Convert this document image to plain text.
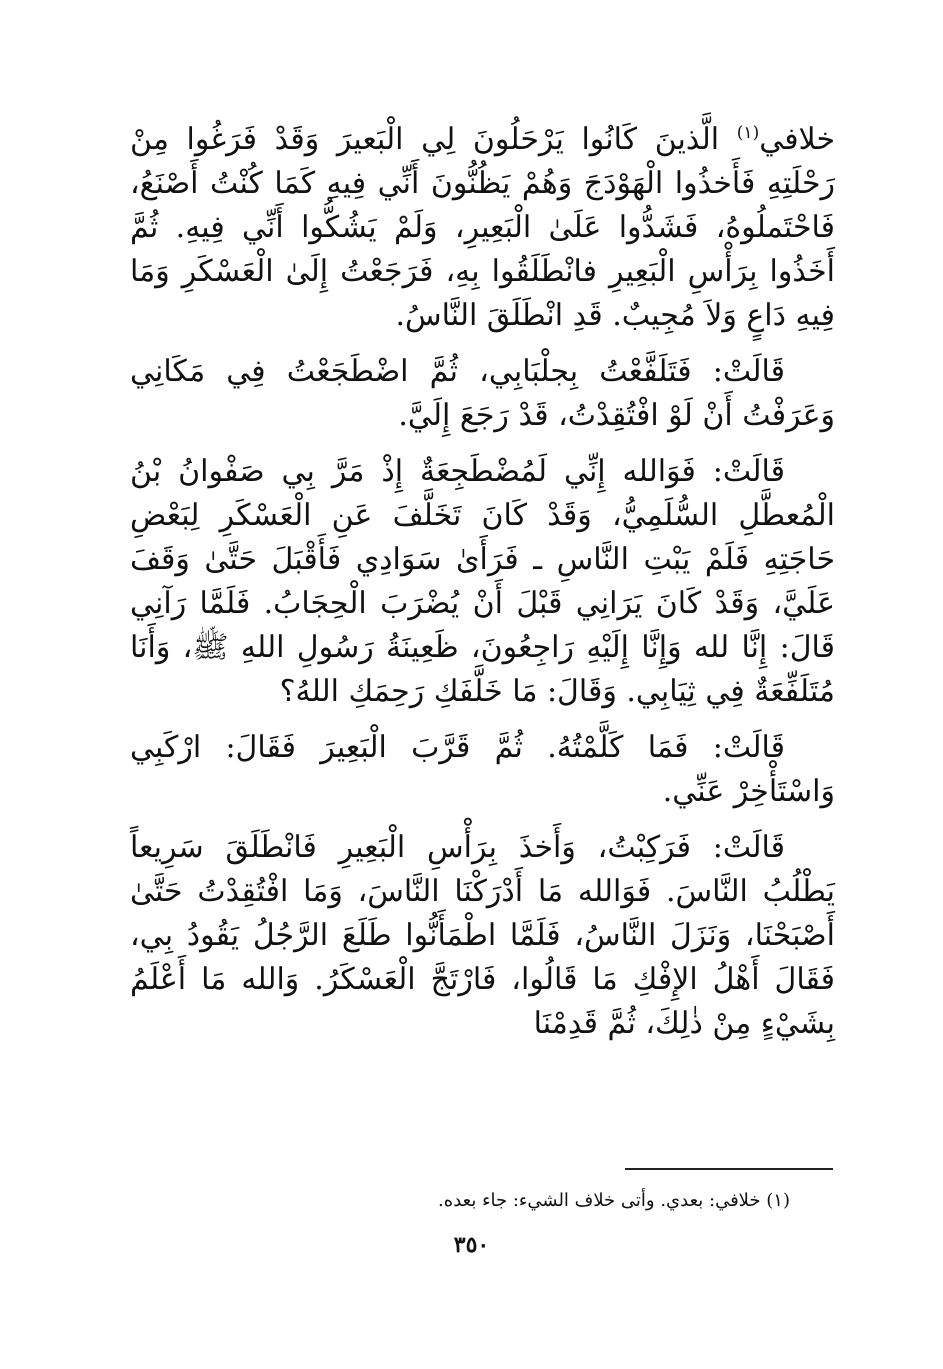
خلافي$^{(١)}$ الَّذينَ كَانُوا يَرْحَلُونَ لِي الْبَعيرَ وَقَدْ فَرَغُوا مِنْ رَحْلَتِهِ فَأَخذُوا الْهَوْدَجَ وَهُمْ يَظُنُّونَ أَنِّي فِيهِ كَمَا كُنْتُ أَصْنَعُ، فَاحْتَملُوهُ، فَشَدُّوا عَلَىٰ الْبَعِيرِ، وَلَمْ يَشُكُّوا أَنِّي فِيهِ. ثُمَّ أَخَذُوا بِرَأْسِ الْبَعِيرِ فانْطَلَقُوا بِهِ، فَرَجَعْتُ إِلَىٰ الْعَسْكَرِ وَمَا فِيهِ دَاعٍ وَلاَ مُجِيبٌ. قَدِ انْطَلَقَ النَّاسُ.

قَالَتْ: فَتَلَفَّعْتُ بِجلْبَابِي، ثُمَّ اضْطَجَعْتُ فِي مَكَانِي وَعَرَفْتُ أَنْ لَوْ افْتُقِدْتُ، قَدْ رَجَعَ إِلَيَّ.

قَالَتْ: فَوَالله إِنِّي لَمُضْطَجِعَةٌ إِذْ مَرَّ بِي صَفْوانُ بْنُ الْمُعطَّلِ السُّلَمِيُّ، وَقَدْ كَانَ تَخَلَّفَ عَنِ الْعَسْكَرِ لِبَعْضِ حَاجَتِهِ فَلَمْ يَبْتِ النَّاسِ ـ فَرَأَىٰ سَوَادِي فَأَقْبَلَ حَتَّىٰ وَقَفَ عَلَيَّ، وَقَدْ كَانَ يَرَانِي قَبْلَ أَنْ يُضْرَبَ الْحِجَابُ. فَلَمَّا رَآنِي قَالَ: إِنَّا لله وَإِنَّا إِلَيْهِ رَاجِعُونَ، ظَعِينَةُ رَسُولِ اللهِ ﷺ، وَأَنَا مُتَلَفِّعَةٌ فِي ثِيَابِي. وَقَالَ: مَا خَلَّفَكِ رَحِمَكِ اللهُ؟

قَالَتْ: فَمَا كَلَّمْتُهُ. ثُمَّ قَرَّبَ الْبَعِيرَ فَقَالَ: ارْكَبِي وَاسْتَأْخِرْ عَنِّي.

قَالَتْ: فَرَكِبْتُ، وَأَخذَ بِرَأْسِ الْبَعِيرِ فَانْطَلَقَ سَرِيعاً يَطْلُبُ النَّاسَ. فَوَالله مَا أَدْرَكْنَا النَّاسَ، وَمَا افْتُقِدْتُ حَتَّىٰ أَصْبَحْنَا، وَنَزَلَ النَّاسُ، فَلَمَّا اطْمَأَنُّوا طَلَعَ الرَّجُلُ يَقُودُ بِي، فَقَالَ أَهْلُ الإِفْكِ مَا قَالُوا، فَارْتَجَّ الْعَسْكَرُ. وَالله مَا أَعْلَمُ بِشَيْءٍ مِنْ ذٰلِكَ، ثُمَّ قَدِمْنَا

(١) خلافي: بعدي. وأتى خلاف الشيء: جاء بعده.
٣٥٠
